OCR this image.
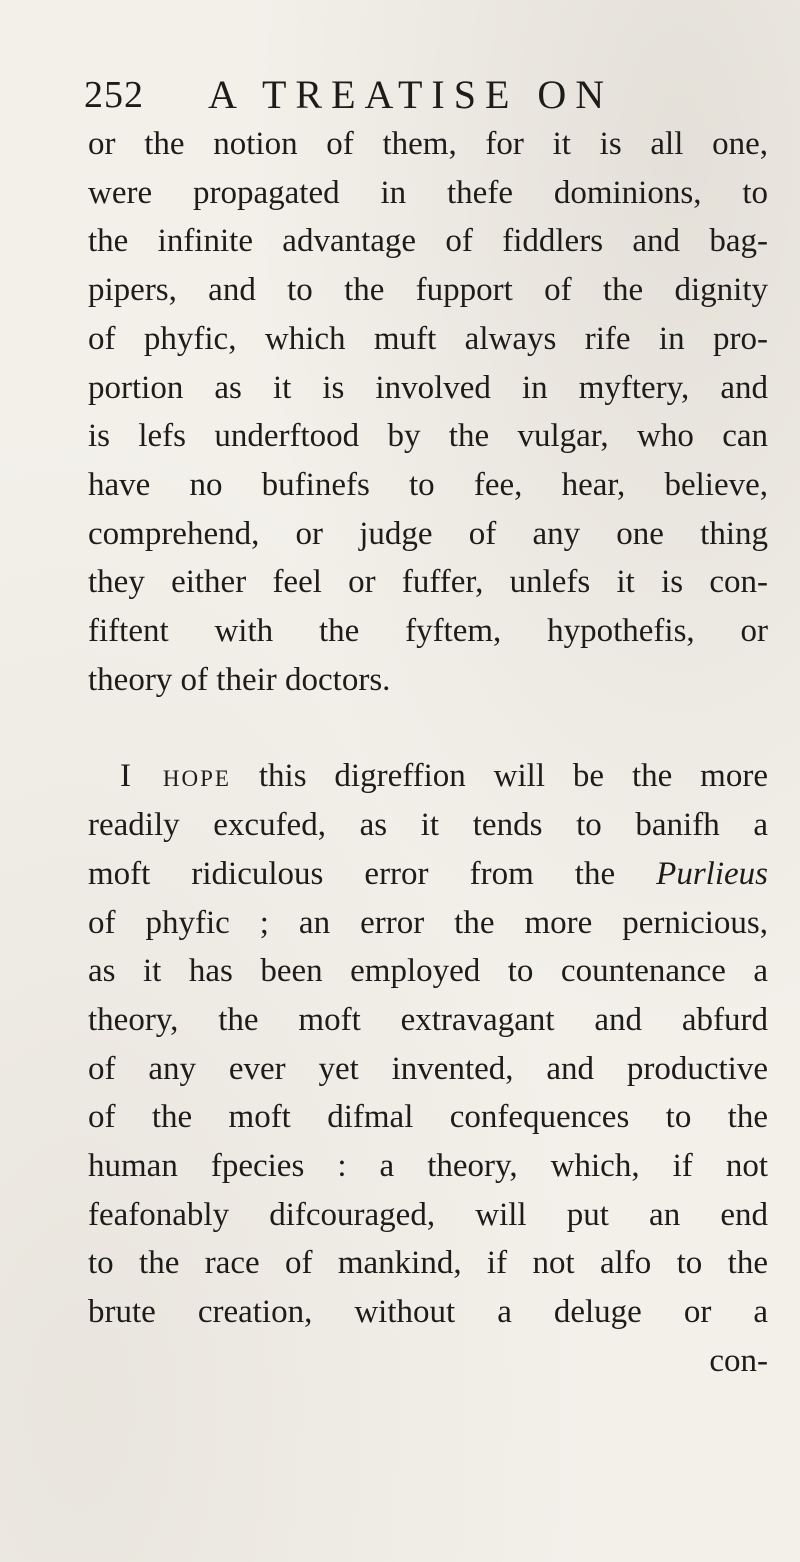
252 A TREATISE ON
or the notion of them, for it is all one,
were propagated in thefe dominions, to
the infinite advantage of fiddlers and bag-
pipers, and to the fupport of the dignity
of phyfic, which muft always rife in pro-
portion as it is involved in myftery, and
is lefs underftood by the vulgar, who can
have no bufinefs to fee, hear, believe,
comprehend, or judge of any one thing
they either feel or fuffer, unlefs it is con-
fiftent with the fyftem, hypothefis, or
theory of their doctors.
I hope this digreffion will be the more
readily excufed, as it tends to banifh a
moft ridiculous error from the Purlieus
of phyfic ; an error the more pernicious,
as it has been employed to countenance a
theory, the moft extravagant and abfurd
of any ever yet invented, and productive
of the moft difmal confequences to the
human fpecies : a theory, which, if not
feafonably difcouraged, will put an end
to the race of mankind, if not alfo to the
brute creation, without a deluge or a
con-
